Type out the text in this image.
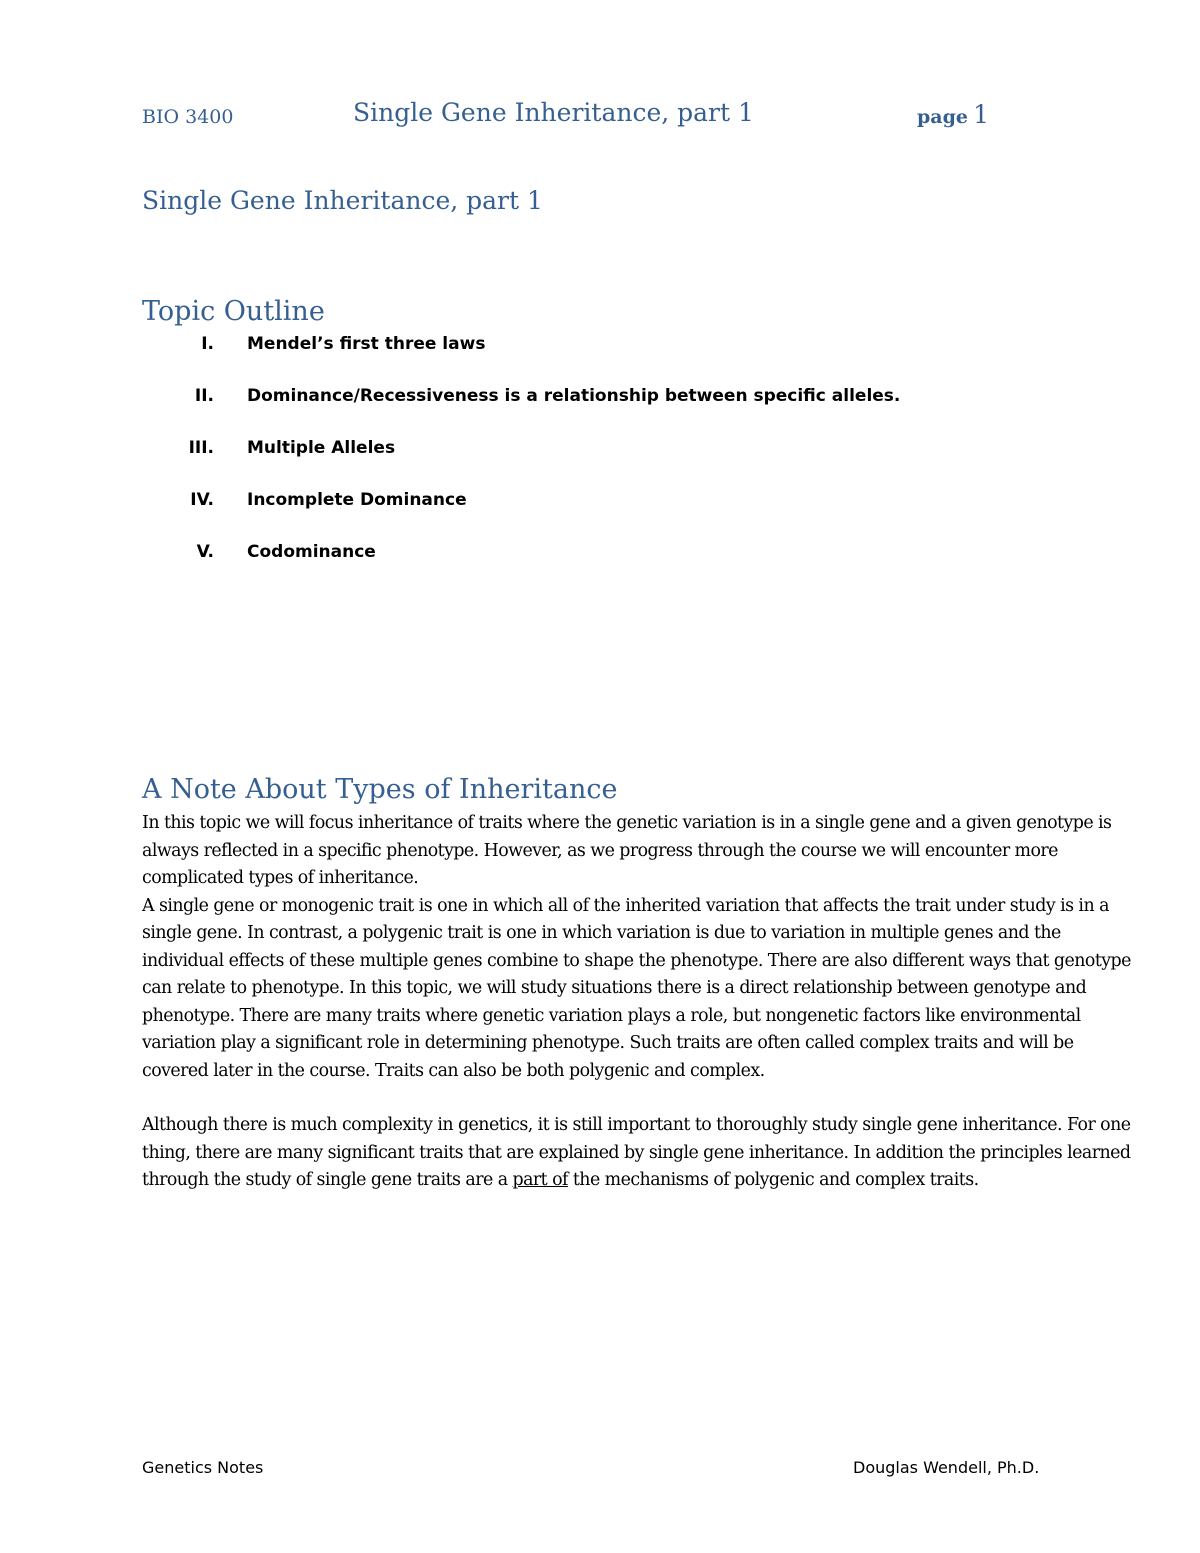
BIO 3400	Single Gene Inheritance, part 1	page 1
Single Gene Inheritance, part 1
Topic Outline
I. Mendel’s first three laws
II. Dominance/Recessiveness is a relationship between specific alleles.
III. Multiple Alleles
IV. Incomplete Dominance
V. Codominance
A Note About Types of Inheritance

In this topic we will focus inheritance of traits where the genetic variation is in a single gene and a given genotype is always reflected in a specific phenotype. However, as we progress through the course we will encounter more complicated types of inheritance.

A single gene or monogenic trait is one in which all of the inherited variation that affects the trait under study is in a single gene. In contrast, a polygenic trait is one in which variation is due to variation in multiple genes and the individual effects of these multiple genes combine to shape the phenotype. There are also different ways that genotype can relate to phenotype. In this topic, we will study situations there is a direct relationship between genotype and phenotype. There are many traits where genetic variation plays a role, but nongenetic factors like environmental variation play a significant role in determining phenotype. Such traits are often called complex traits and will be covered later in the course. Traits can also be both polygenic and complex.

Although there is much complexity in genetics, it is still important to thoroughly study single gene inheritance. For one thing, there are many significant traits that are explained by single gene inheritance. In addition the principles learned through the study of single gene traits are a part of the mechanisms of polygenic and complex traits.

Genetics Notes	Douglas Wendell, Ph.D.
